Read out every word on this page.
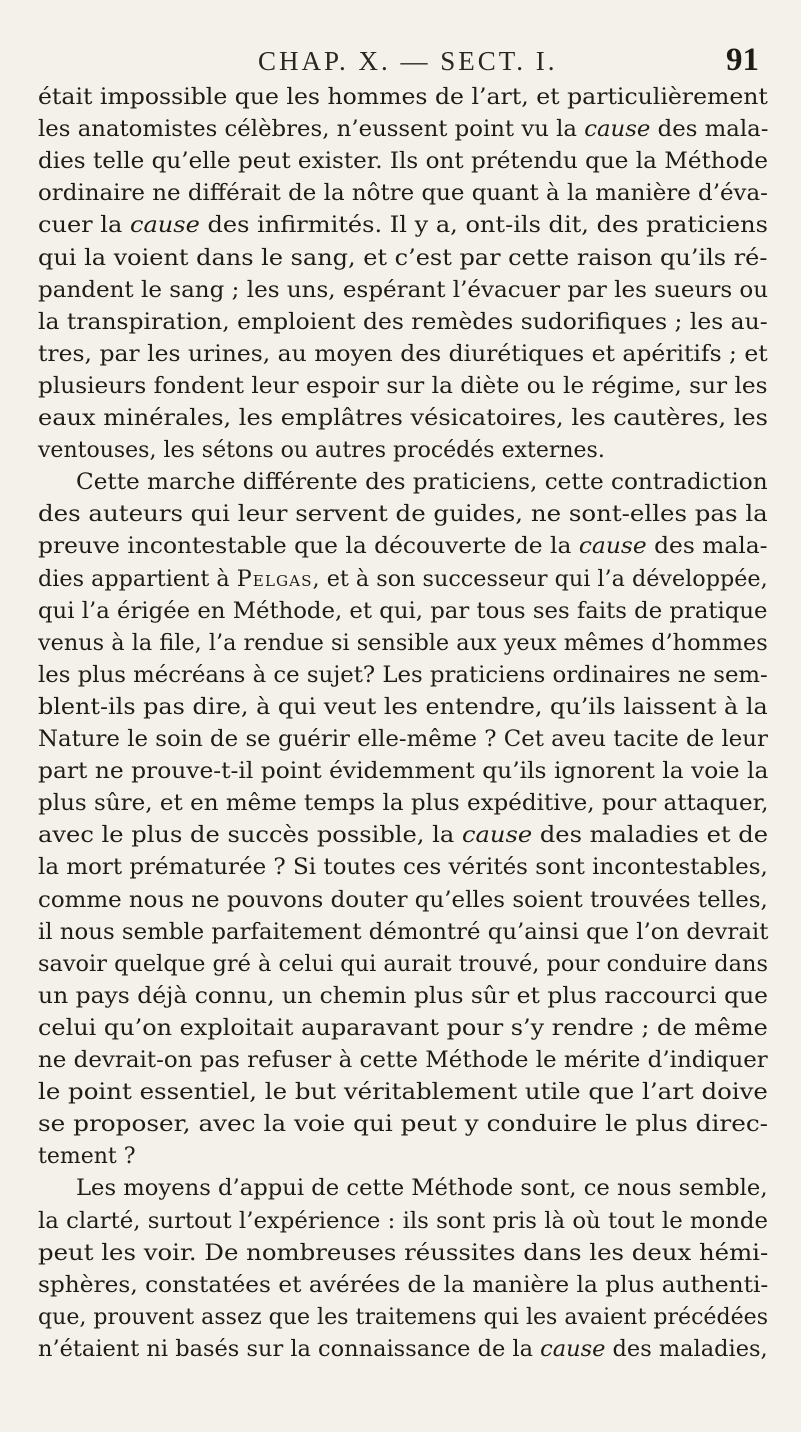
CHAP. X. — SECT. I.	91
était impossible que les hommes de l’art, et particulièrement
les anatomistes célèbres, n’eussent point vu la cause des mala-
dies telle qu’elle peut exister. Ils ont prétendu que la Méthode
ordinaire ne différait de la nôtre que quant à la manière d’éva-
cuer la cause des infirmités. Il y a, ont-ils dit, des praticiens
qui la voient dans le sang, et c’est par cette raison qu’ils ré-
pandent le sang ; les uns, espérant l’évacuer par les sueurs ou
la transpiration, emploient des remèdes sudorifiques ; les au-
tres, par les urines, au moyen des diurétiques et apéritifs ; et
plusieurs fondent leur espoir sur la diète ou le régime, sur les
eaux minérales, les emplâtres vésicatoires, les cautères, les
ventouses, les sétons ou autres procédés externes.
Cette marche différente des praticiens, cette contradiction
des auteurs qui leur servent de guides, ne sont-elles pas la
preuve incontestable que la découverte de la cause des mala-
dies appartient à Pelgas, et à son successeur qui l’a développée,
qui l’a érigée en Méthode, et qui, par tous ses faits de pratique
venus à la file, l’a rendue si sensible aux yeux mêmes d’hommes
les plus mécréans à ce sujet? Les praticiens ordinaires ne sem-
blent-ils pas dire, à qui veut les entendre, qu’ils laissent à la
Nature le soin de se guérir elle-même ? Cet aveu tacite de leur
part ne prouve-t-il point évidemment qu’ils ignorent la voie la
plus sûre, et en même temps la plus expéditive, pour attaquer,
avec le plus de succès possible, la cause des maladies et de
la mort prématurée ? Si toutes ces vérités sont incontestables,
comme nous ne pouvons douter qu’elles soient trouvées telles,
il nous semble parfaitement démontré qu’ainsi que l’on devrait
savoir quelque gré à celui qui aurait trouvé, pour conduire dans
un pays déjà connu, un chemin plus sûr et plus raccourci que
celui qu’on exploitait auparavant pour s’y rendre ; de même
ne devrait-on pas refuser à cette Méthode le mérite d’indiquer
le point essentiel, le but véritablement utile que l’art doive
se proposer, avec la voie qui peut y conduire le plus direc-
tement ?
Les moyens d’appui de cette Méthode sont, ce nous semble,
la clarté, surtout l’expérience : ils sont pris là où tout le monde
peut les voir. De nombreuses réussites dans les deux hémi-
sphères, constatées et avérées de la manière la plus authenti-
que, prouvent assez que les traitemens qui les avaient précédées
n’étaient ni basés sur la connaissance de la cause des maladies,
